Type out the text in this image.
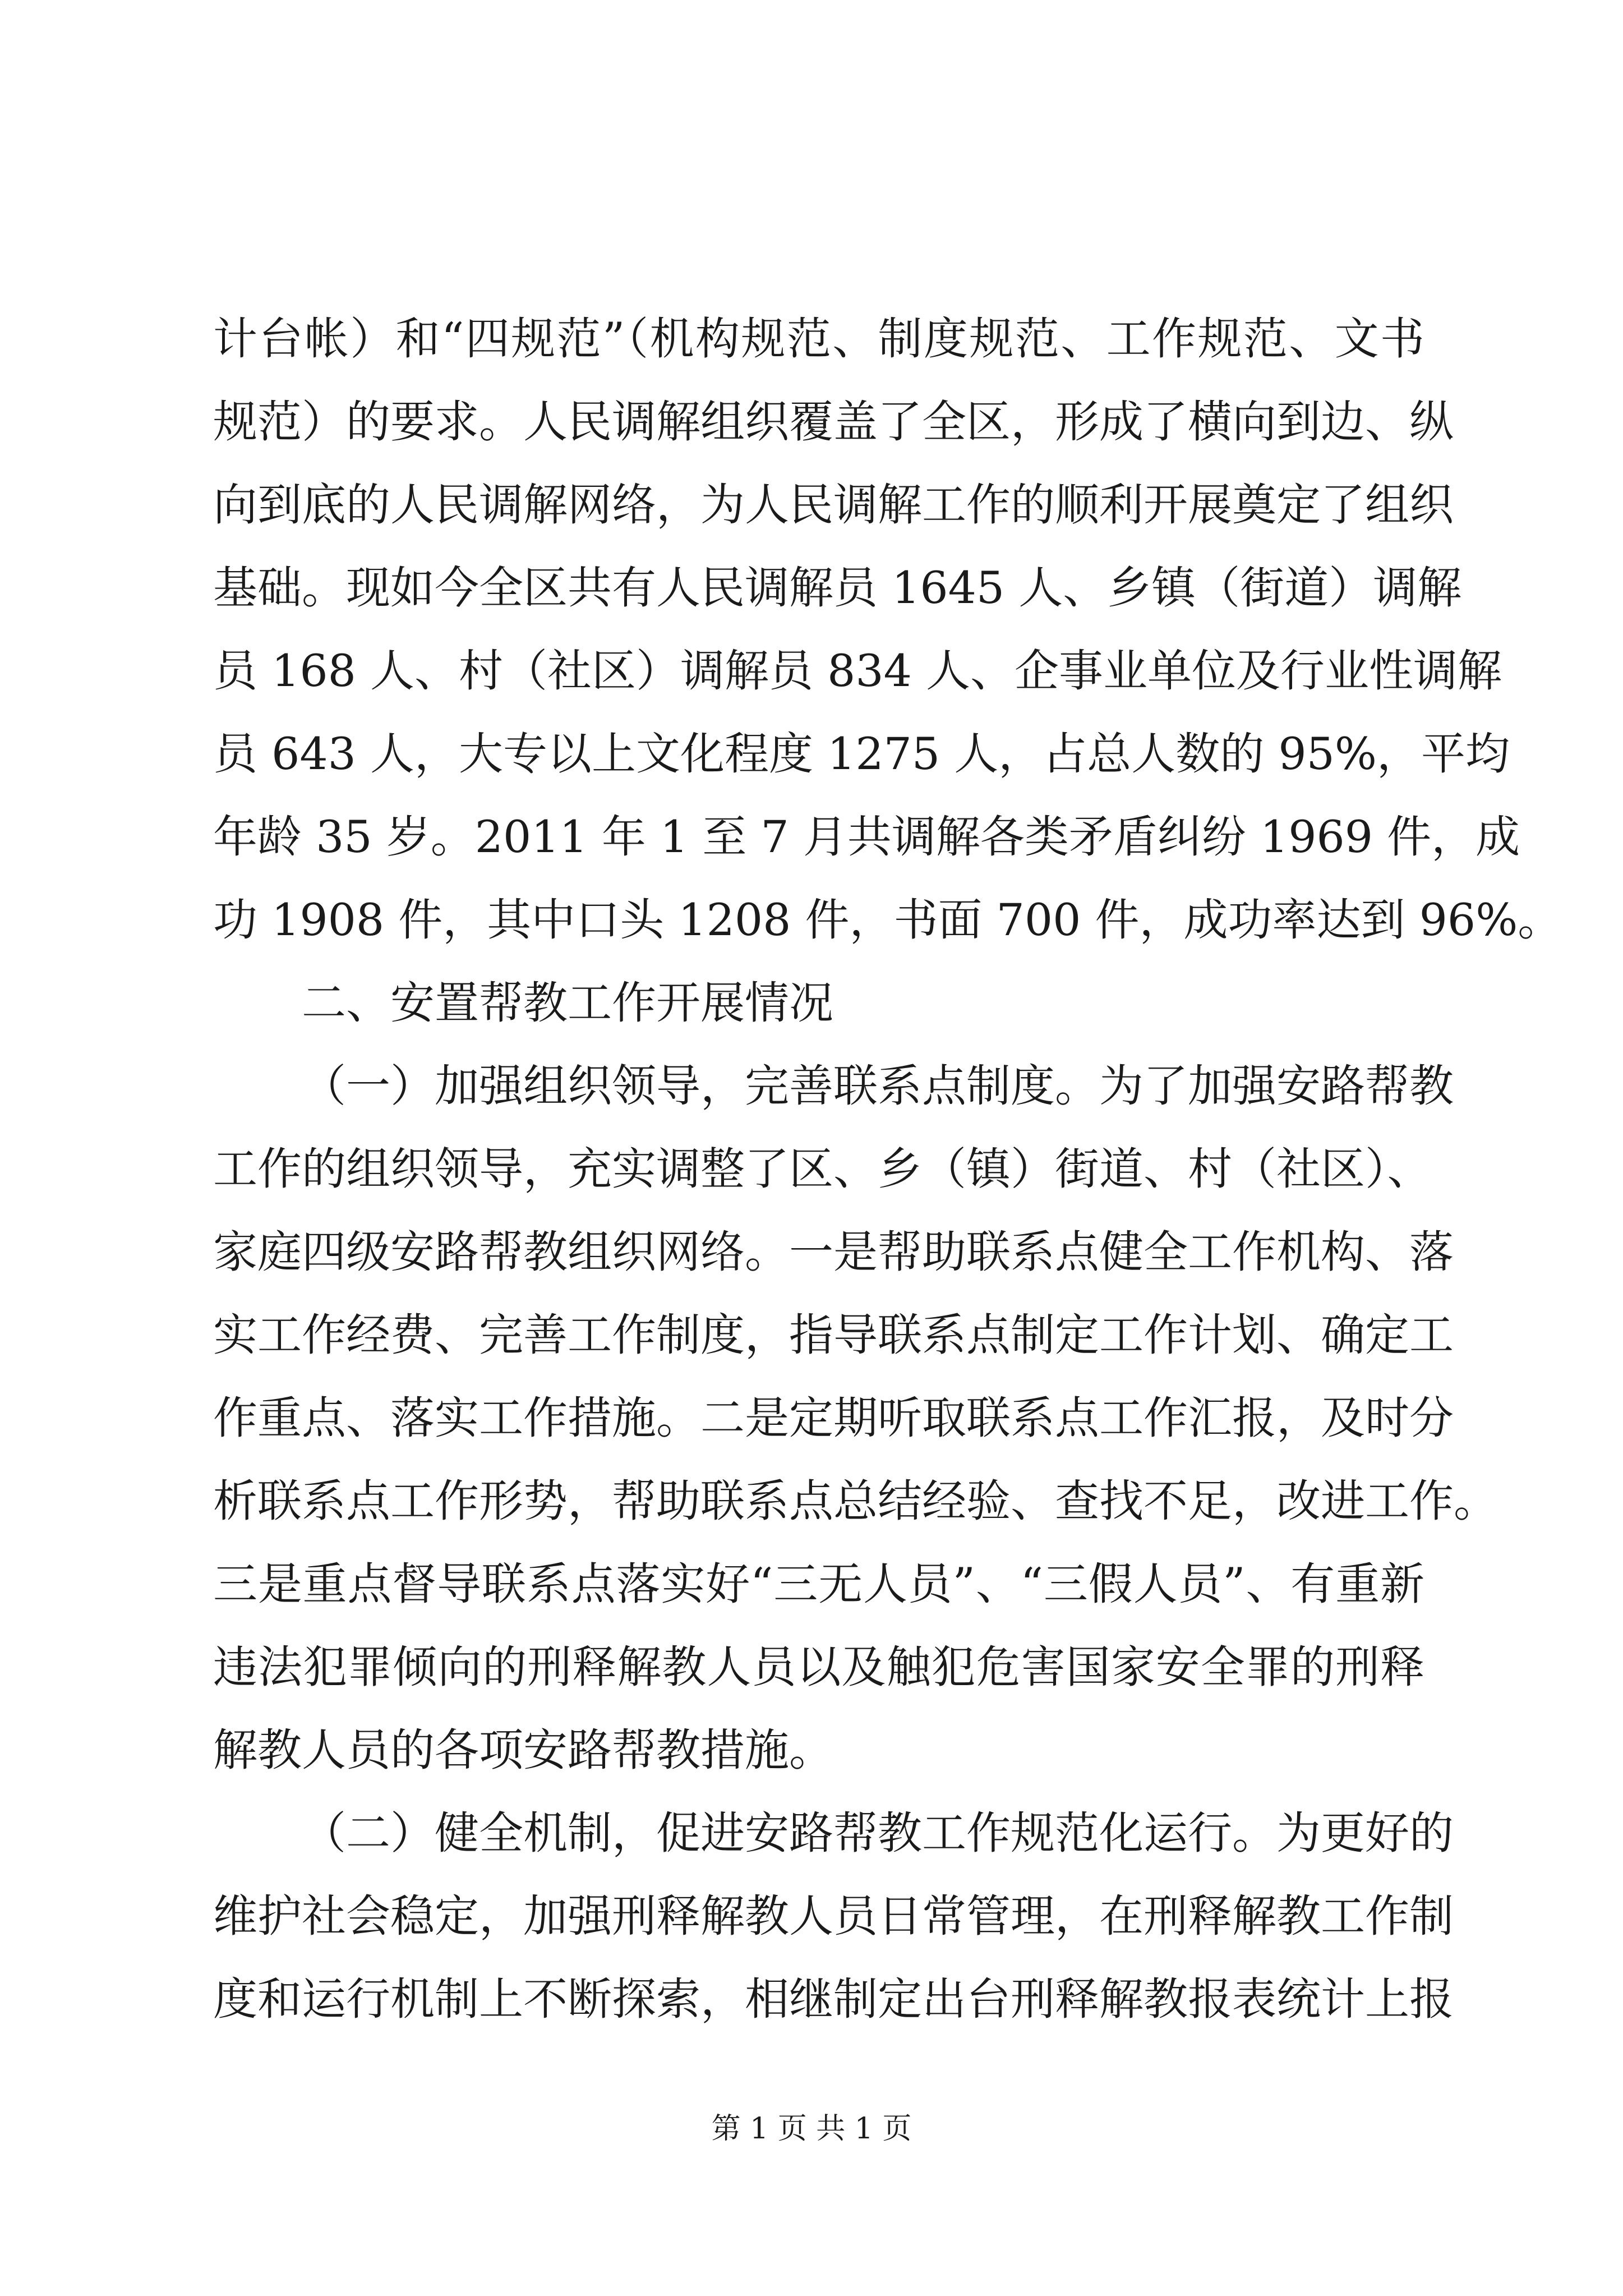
计台帐）和“四规范”（机构规范、制度规范、工作规范、文书
规范）的要求。人民调解组织覆盖了全区，形成了横向到边、纵
向到底的人民调解网络，为人民调解工作的顺利开展奠定了组织
基础。现如今全区共有人民调解员 1645 人、乡镇（街道）调解
员 168 人、村（社区）调解员 834 人、企事业单位及行业性调解
员 643 人，大专以上文化程度 1275 人，占总人数的 95%，平均
年龄 35 岁。2011 年 1 至 7 月共调解各类矛盾纠纷 1969 件，成
功 1908 件，其中口头 1208 件，书面 700 件，成功率达到 96%。
二、安置帮教工作开展情况
（一）加强组织领导，完善联系点制度。为了加强安路帮教
工作的组织领导，充实调整了区、乡（镇）街道、村（社区）、
家庭四级安路帮教组织网络。一是帮助联系点健全工作机构、落
实工作经费、完善工作制度，指导联系点制定工作计划、确定工
作重点、落实工作措施。二是定期听取联系点工作汇报，及时分
析联系点工作形势，帮助联系点总结经验、查找不足，改进工作。
三是重点督导联系点落实好“三无人员”、“三假人员”、有重新
违法犯罪倾向的刑释解教人员以及触犯危害国家安全罪的刑释
解教人员的各项安路帮教措施。
（二）健全机制，促进安路帮教工作规范化运行。为更好的
维护社会稳定，加强刑释解教人员日常管理，在刑释解教工作制
度和运行机制上不断探索，相继制定出台刑释解教报表统计上报
第 1 页 共 1 页
